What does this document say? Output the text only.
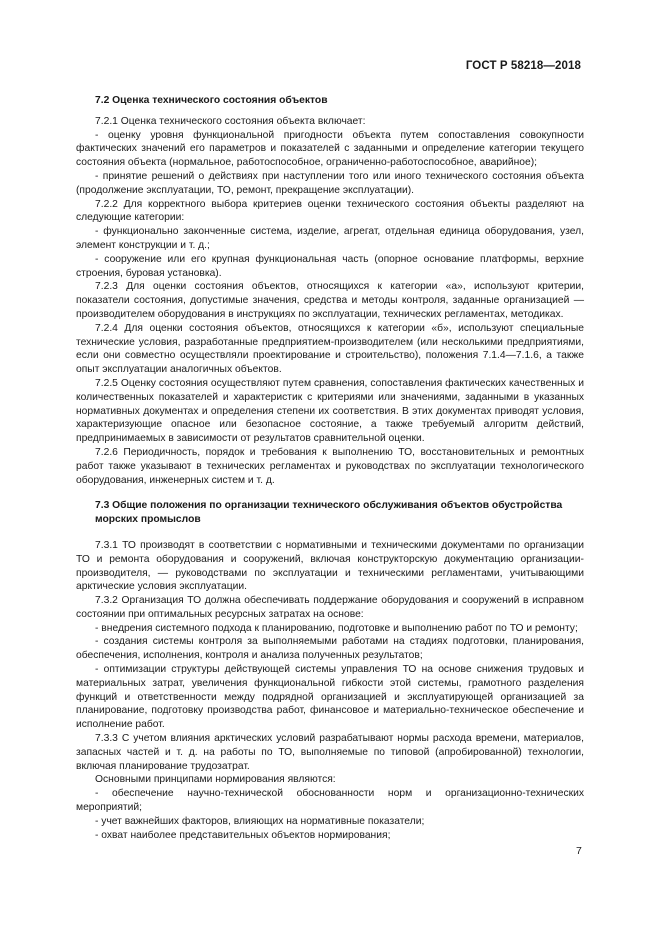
ГОСТ Р 58218—2018

7.2 Оценка технического состояния объектов

7.2.1 Оценка технического состояния объекта включает:

- оценку уровня функциональной пригодности объекта путем сопоставления совокупности фактических значений его параметров и показателей с заданными и определение категории текущего состояния объекта (нормальное, работоспособное, ограниченно-работоспособное, аварийное);

- принятие решений о действиях при наступлении того или иного технического состояния объекта (продолжение эксплуатации, ТО, ремонт, прекращение эксплуатации).

7.2.2 Для корректного выбора критериев оценки технического состояния объекты разделяют на следующие категории:

- функционально законченные система, изделие, агрегат, отдельная единица оборудования, узел, элемент конструкции и т. д.;

- сооружение или его крупная функциональная часть (опорное основание платформы, верхние строения, буровая установка).

7.2.3 Для оценки состояния объектов, относящихся к категории «а», используют критерии, показатели состояния, допустимые значения, средства и методы контроля, заданные организацией — производителем оборудования в инструкциях по эксплуатации, технических регламентах, методиках.

7.2.4 Для оценки состояния объектов, относящихся к категории «б», используют специальные технические условия, разработанные предприятием-производителем (или несколькими предприятиями, если они совместно осуществляли проектирование и строительство), положения 7.1.4—7.1.6, а также опыт эксплуатации аналогичных объектов.

7.2.5 Оценку состояния осуществляют путем сравнения, сопоставления фактических качественных и количественных показателей и характеристик с критериями или значениями, заданными в указанных нормативных документах и определения степени их соответствия. В этих документах приводят условия, характеризующие опасное или безопасное состояние, а также требуемый алгоритм действий, предпринимаемых в зависимости от результатов сравнительной оценки.

7.2.6 Периодичность, порядок и требования к выполнению ТО, восстановительных и ремонтных работ также указывают в технических регламентах и руководствах по эксплуатации технологического оборудования, инженерных систем и т. д.

7.3 Общие положения по организации технического обслуживания объектов обустройства
морских промыслов

7.3.1 ТО производят в соответствии с нормативными и техническими документами по организации ТО и ремонта оборудования и сооружений, включая конструкторскую документацию организации-производителя, — руководствами по эксплуатации и техническими регламентами, учитывающими арктические условия эксплуатации.

7.3.2 Организация ТО должна обеспечивать поддержание оборудования и сооружений в исправном состоянии при оптимальных ресурсных затратах на основе:

- внедрения системного подхода к планированию, подготовке и выполнению работ по ТО и ремонту;

- создания системы контроля за выполняемыми работами на стадиях подготовки, планирования, обеспечения, исполнения, контроля и анализа полученных результатов;

- оптимизации структуры действующей системы управления ТО на основе снижения трудовых и материальных затрат, увеличения функциональной гибкости этой системы, грамотного разделения функций и ответственности между подрядной организацией и эксплуатирующей организацией за планирование, подготовку производства работ, финансовое и материально-техническое обеспечение и исполнение работ.

7.3.3 С учетом влияния арктических условий разрабатывают нормы расхода времени, материалов, запасных частей и т. д. на работы по ТО, выполняемые по типовой (апробированной) технологии, включая планирование трудозатрат.

Основными принципами нормирования являются:

- обеспечение научно-технической обоснованности норм и организационно-технических мероприятий;

- учет важнейших факторов, влияющих на нормативные показатели;

- охват наиболее представительных объектов нормирования;

7
